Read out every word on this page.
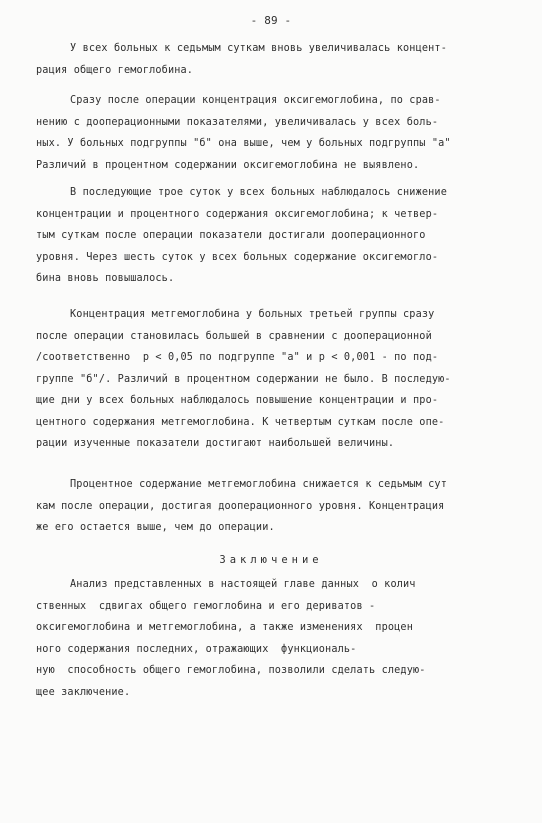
- 89 -
У всех больных к седьмым суткам вновь увеличивалась концент-
рация общего гемоглобина.
Сразу после операции концентрация оксигемоглобина, по срав-
нению с дооперационными показателями, увеличивалась у всех боль-
ных. У больных подгруппы "б" она выше, чем у больных подгруппы "а"
Различий в процентном содержании оксигемоглобина не выявлено.
В последующие трое суток у всех больных наблюдалось снижение
концентрации и процентного содержания оксигемоглобина; к четвер-
тым суткам после операции показатели достигали дооперационного
уровня. Через шесть суток у всех больных содержание оксигемогло-
бина вновь повышалось.
Концентрация метгемоглобина у больных третьей группы сразу
после операции становилась большей в сравнении с дооперационной
/соответственно  p < 0,05 по подгруппе "а" и p < 0,001 - по под-
группе "б"/. Различий в процентном содержании не было. В последую-
щие дни у всех больных наблюдалось повышение концентрации и про-
центного содержания метгемоглобина. К четвертым суткам после опе-
рации изученные показатели достигают наибольшей величины.
Процентное содержание метгемоглобина снижается к седьмым сут
кам после операции, достигая дооперационного уровня. Концентрация
же его остается выше, чем до операции.
Заключение
Анализ представленных в настоящей главе данных  о колич
ственных  сдвигах общего гемоглобина и его дериватов -
оксигемоглобина и метгемоглобина, а также изменениях  процен
ного содержания последних, отражающих  функциональ-
ную  способность общего гемоглобина, позволили сделать следую-
щее заключение.
